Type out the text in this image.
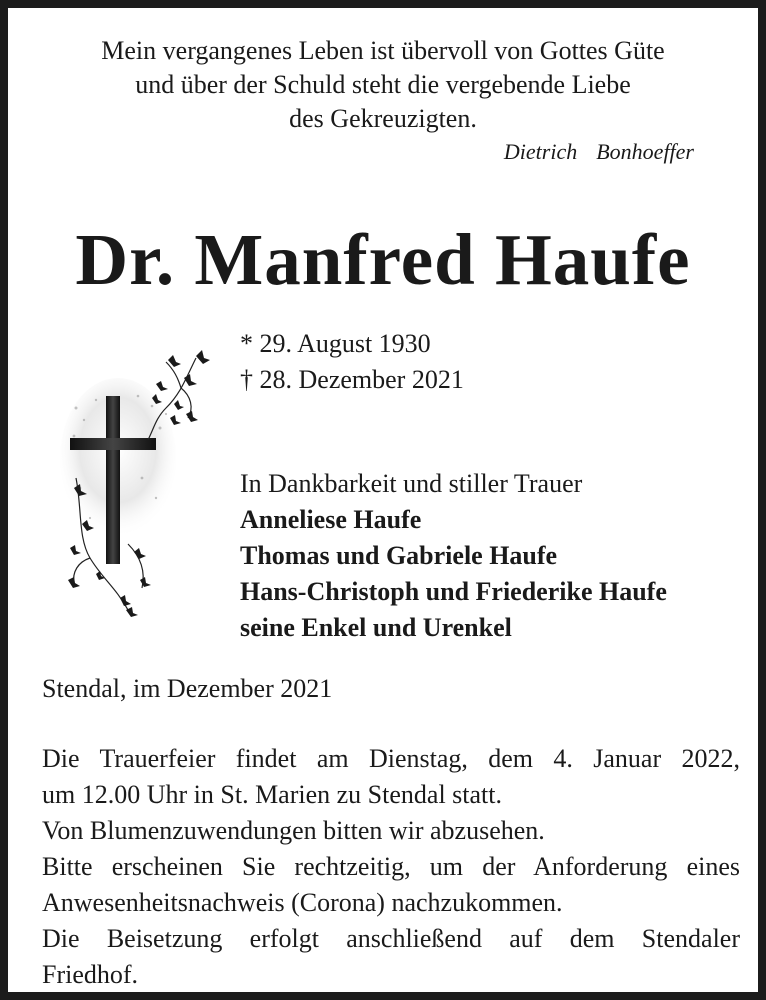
Mein vergangenes Leben ist übervoll von Gottes Güte
und über der Schuld steht die vergebende Liebe
des Gekreuzigten.
Dietrich  Bonhoeffer
Dr. Manfred Haufe
* 29. August 1930
† 28. Dezember 2021
In Dankbarkeit und stiller Trauer
Anneliese Haufe
Thomas und Gabriele Haufe
Hans-Christoph und Friederike Haufe
seine Enkel und Urenkel
Stendal, im Dezember 2021
Die Trauerfeier findet am Dienstag, dem 4. Januar 2022,
um 12.00 Uhr in St. Marien zu Stendal statt.
Von Blumenzuwendungen bitten wir abzusehen.
Bitte erscheinen Sie rechtzeitig, um der Anforderung eines
Anwesenheitsnachweis (Corona) nachzukommen.
Die Beisetzung erfolgt anschließend auf dem Stendaler
Friedhof.
